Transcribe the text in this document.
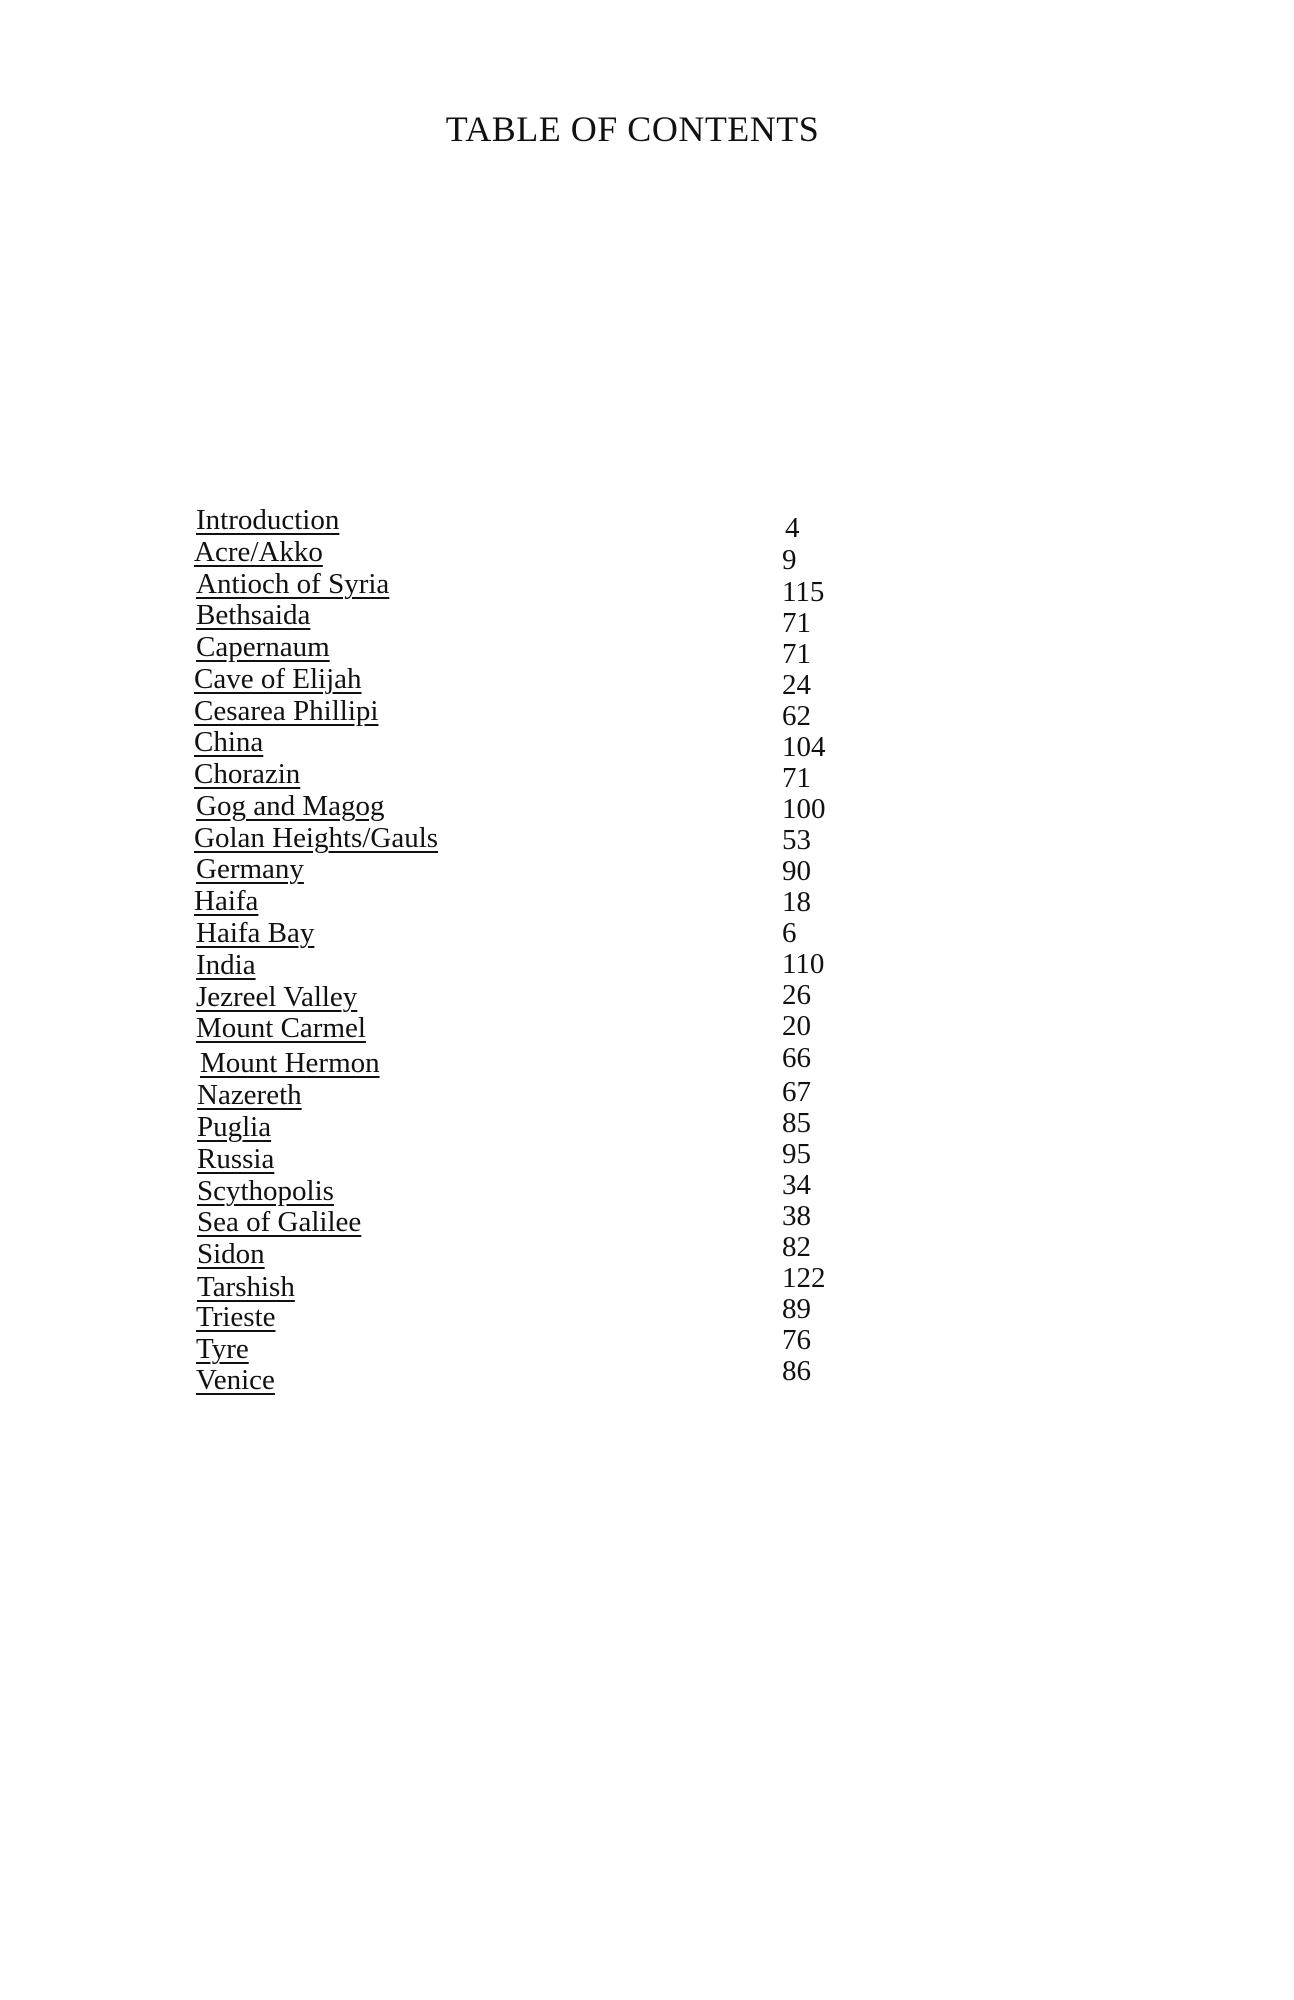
TABLE OF CONTENTS
Introduction	4
Acre/Akko	9
Antioch of Syria	115
Bethsaida	71
Capernaum	71
Cave of Elijah	24
Cesarea Phillipi	62
China	104
Chorazin	71
Gog and Magog	100
Golan Heights/Gauls	53
Germany	90
Haifa	18
Haifa Bay	6
India	110
Jezreel Valley	26
Mount Carmel	20
Mount Hermon	66
Nazereth	67
Puglia	85
Russia	95
Scythopolis	34
Sea of Galilee	38
Sidon	82
Tarshish	122
Trieste	89
Tyre	76
Venice	86
